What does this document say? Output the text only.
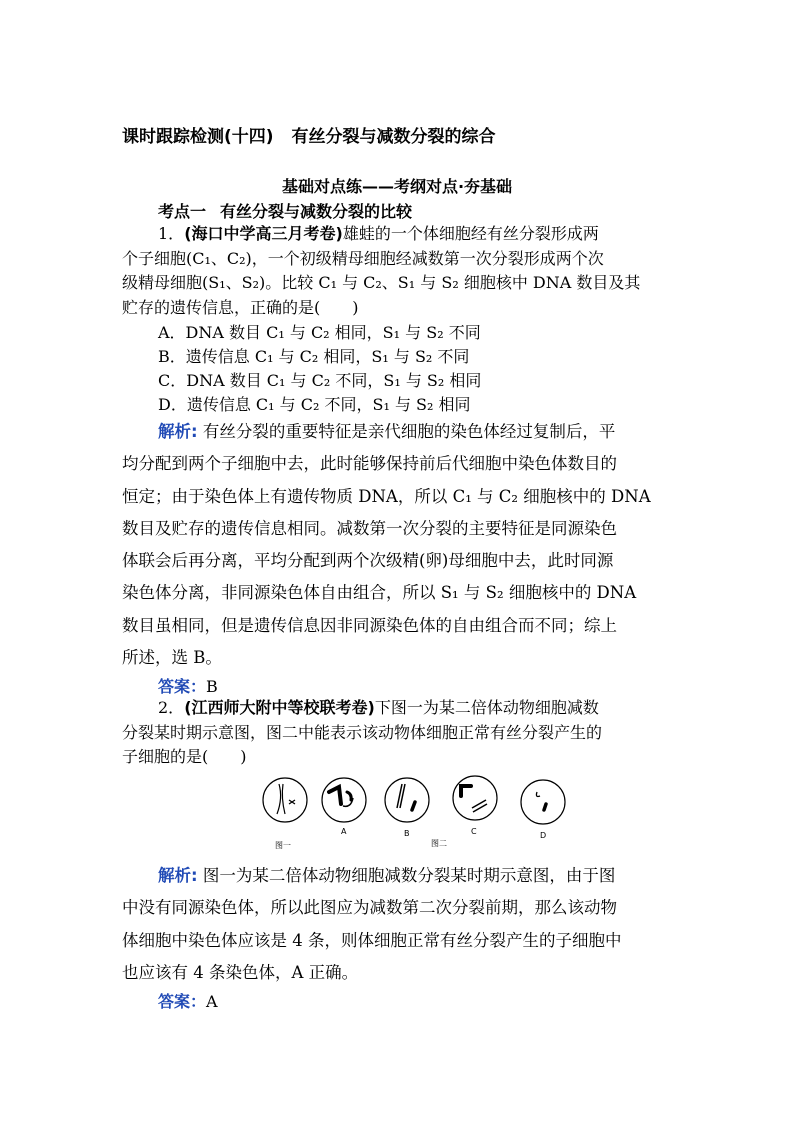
课时跟踪检测(十四) 有丝分裂与减数分裂的综合
基础对点练——考纲对点·夯基础
考点一 有丝分裂与减数分裂的比较
1．(海口中学高三月考卷)雄蛙的一个体细胞经有丝分裂形成两
个子细胞(C₁、C₂)，一个初级精母细胞经减数第一次分裂形成两个次
级精母细胞(S₁、S₂)。比较 C₁ 与 C₂、S₁ 与 S₂ 细胞核中 DNA 数目及其
贮存的遗传信息，正确的是(　　)
A．DNA 数目 C₁ 与 C₂ 相同，S₁ 与 S₂ 不同
B．遗传信息 C₁ 与 C₂ 相同，S₁ 与 S₂ 不同
C．DNA 数目 C₁ 与 C₂ 不同，S₁ 与 S₂ 相同
D．遗传信息 C₁ 与 C₂ 不同，S₁ 与 S₂ 相同
解析: 有丝分裂的重要特征是亲代细胞的染色体经过复制后，平
均分配到两个子细胞中去，此时能够保持前后代细胞中染色体数目的
恒定；由于染色体上有遗传物质 DNA，所以 C₁ 与 C₂ 细胞核中的 DNA
数目及贮存的遗传信息相同。减数第一次分裂的主要特征是同源染色
体联会后再分离，平均分配到两个次级精(卵)母细胞中去，此时同源
染色体分离，非同源染色体自由组合，所以 S₁ 与 S₂ 细胞核中的 DNA
数目虽相同，但是遗传信息因非同源染色体的自由组合而不同；综上
所述，选 B。
答案：B
2．(江西师大附中等校联考卷)下图一为某二倍体动物细胞减数
分裂某时期示意图，图二中能表示该动物体细胞正常有丝分裂产生的
子细胞的是(　　)
图一
A	B	C
图二
D
解析: 图一为某二倍体动物细胞减数分裂某时期示意图，由于图
中没有同源染色体，所以此图应为减数第二次分裂前期，那么该动物
体细胞中染色体应该是 4 条，则体细胞正常有丝分裂产生的子细胞中
也应该有 4 条染色体，A 正确。
答案：A
